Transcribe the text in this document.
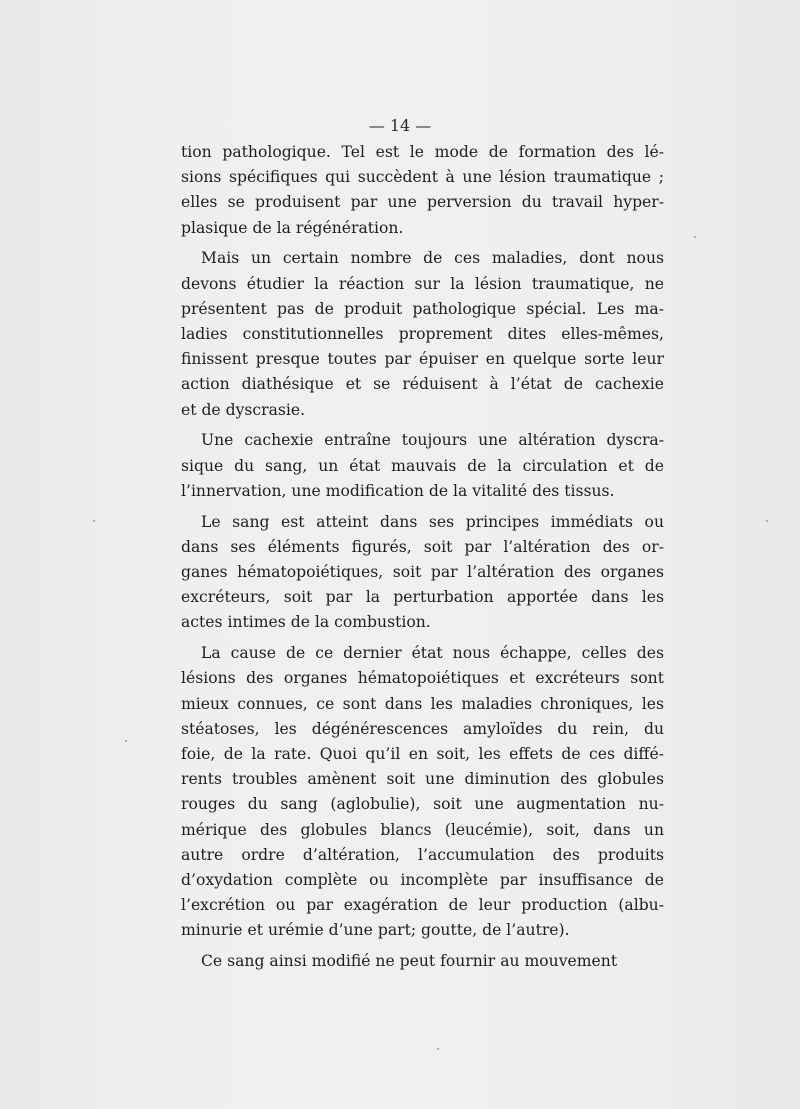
— 14 —

tion pathologique. Tel est le mode de formation des lé-
sions spécifiques qui succèdent à une lésion traumatique ;
elles se produisent par une perversion du travail hyper-
plasique de la régénération.

Mais un certain nombre de ces maladies, dont nous
devons étudier la réaction sur la lésion traumatique, ne
présentent pas de produit pathologique spécial. Les ma-
ladies constitutionnelles proprement dites elles-mêmes,
finissent presque toutes par épuiser en quelque sorte leur
action diathésique et se réduisent à l’état de cachexie
et de dyscrasie.

Une cachexie entraîne toujours une altération dyscra-
sique du sang, un état mauvais de la circulation et de
l’innervation, une modification de la vitalité des tissus.

Le sang est atteint dans ses principes immédiats ou
dans ses éléments figurés, soit par l’altération des or-
ganes hématopoiétiques, soit par l’altération des organes
excréteurs, soit par la perturbation apportée dans les
actes intimes de la combustion.

La cause de ce dernier état nous échappe, celles des
lésions des organes hématopoiétiques et excréteurs sont
mieux connues, ce sont dans les maladies chroniques, les
stéatoses, les dégénérescences amyloïdes du rein, du
foie, de la rate. Quoi qu’il en soit, les effets de ces diffé-
rents troubles amènent soit une diminution des globules
rouges du sang (aglobulie), soit une augmentation nu-
mérique des globules blancs (leucémie), soit, dans un
autre ordre d’altération, l’accumulation des produits
d’oxydation complète ou incomplète par insuffisance de
l’excrétion ou par exagération de leur production (albu-
minurie et urémie d’une part; goutte, de l’autre).

Ce sang ainsi modifié ne peut fournir au mouvement
